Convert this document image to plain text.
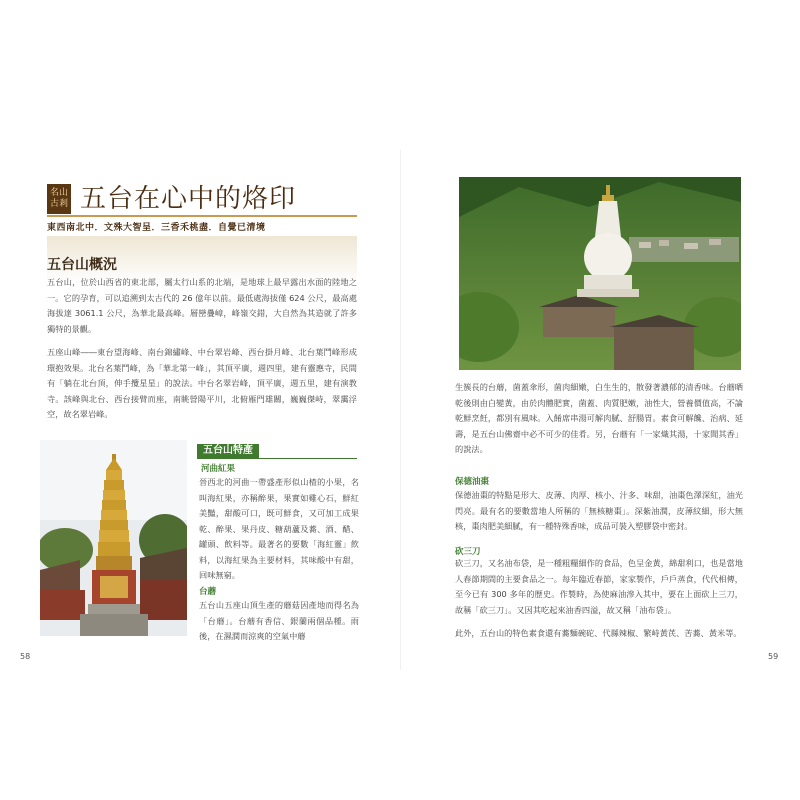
名山
古剎 五台在心中的烙印
東西南北中．文殊大智呈．三香禾桃盡．自覺已清境
五台山概況

五台山，位於山西省的東北部，屬太行山系的北端，是地球上最早露出水面的陸地之一。它的孕育，可以追溯到太古代的 26 億年以前。最低處海拔僅 624 公尺，最高處海拔達 3061.1 公尺，為華北最高峰。層巒疊嶂，峰嶺交錯，大自然為其造就了許多獨特的景觀。

五座山峰――東台望海峰、南台錦繡峰、中台翠岩峰、西台掛月峰、北台葉鬥峰形成環抱效果。北台名葉鬥峰，為「華北第一峰」，其頂平廣，週四里，建有靈應寺，民間有「躺在北台頂，伸手攬星星」的說法。中台名翠岩峰，頂平廣，週五里，建有演教寺。該峰與北台、西台接臂而座，南眺營陽平川，北俯雁門雄關，巍巍傑峙，翠靄浮空，故名翠岩峰。

五台山特產
河曲紅果

晉西北的河曲一帶盛產形似山楂的小果，名叫海紅果，亦稱醉果，果實如雞心石，鮮紅美豔，甜酸可口，既可鮮食，又可加工成果乾、醉果、果丹皮、糖葫蘆及蕎、酒、醋、罐頭、飲料等。最著名的要數「海紅靈」飲料，以海紅果為主要材料，其味酸中有甜，回味無窮。

台蘑

五台山五座山頂生產的蘑菇因產地而得名為「台蘑」。台蘑有香信、銀蘭兩個品種。雨後，在濕潤而涼爽的空氣中蘑

58

生簇長的台蘑，菌蓋傘形，菌肉細嫩，白生生的，散發著濃郁的清香味。台蘑晒乾後則由白變黃，由於肉體肥實，菌蓋、肉質肥嫩，油性大，營養價值高，不論乾鮮烹飪，都別有風味。入餚席串湯可解肉膩、舒腸胃。素食可解饞、治病、延壽，是五台山佛齋中必不可少的佳肴。另，台蘑有「一家熾其湯，十家聞其香」的說法。

保德油棗

保德油棗的特點是形大、皮薄、肉厚、核小、汁多、味甜，油棗色澤深紅，油光閃亮。最有名的要數當地人所稱的「無核糖棗」。深紫油潤，皮薄紋細，形大無核，棗肉肥美細膩，有一種特殊香味，成品可裝入塑膠袋中密封。

砍三刀

砍三刀，又名油布袋，是一種粗糧細作的食品，色呈金黃，綿甜利口，也是當地人春節期間的主要食品之一。每年臨近春節，家家製作，戶戶蒸食，代代相傳，至今已有 300 多年的歷史。作製時，為使麻油滲入其中，要在上面砍上三刀，故稱「砍三刀」。又因其吃起來油香四溢，故又稱「油布袋」。

此外，五台山的特色素食還有蕎麵碗砣、代縣辣椒、繁峙黃芪、苦蕎、黃米等。

59
